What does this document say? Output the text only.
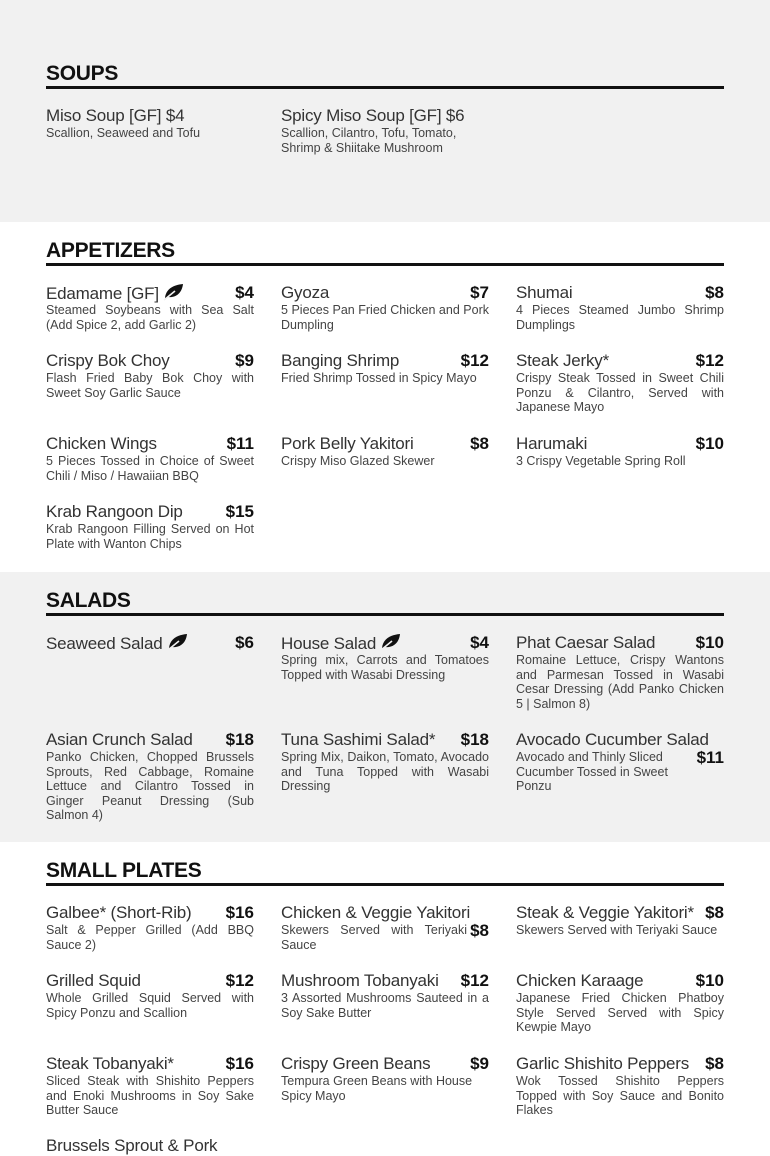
SOUPS
Miso Soup [GF] $4
Scallion, Seaweed and Tofu
Spicy Miso Soup [GF] $6
Scallion, Cilantro, Tofu, Tomato, Shrimp & Shiitake Mushroom
APPETIZERS
Edamame [GF]	$4
Steamed Soybeans with Sea Salt (Add Spice 2, add Garlic 2)
Gyoza	$7
5 Pieces Pan Fried Chicken and Pork Dumpling
Shumai	$8
4 Pieces Steamed Jumbo Shrimp Dumplings
Crispy Bok Choy	$9
Flash Fried Baby Bok Choy with Sweet Soy Garlic Sauce
Banging Shrimp	$12
Fried Shrimp Tossed in Spicy Mayo
Steak Jerky*	$12
Crispy Steak Tossed in Sweet Chili Ponzu & Cilantro, Served with Japanese Mayo
Chicken Wings	$11
5 Pieces Tossed in Choice of Sweet Chili / Miso / Hawaiian BBQ
Pork Belly Yakitori	$8
Crispy Miso Glazed Skewer
Harumaki	$10
3 Crispy Vegetable Spring Roll
Krab Rangoon Dip	$15
Krab Rangoon Filling Served on Hot Plate with Wanton Chips
SALADS
Seaweed Salad	$6 House Salad	$4
Spring mix, Carrots and Tomatoes Topped with Wasabi Dressing
Phat Caesar Salad $10
Romaine Lettuce, Crispy Wantons and Parmesan Tossed in Wasabi Cesar Dressing (Add Panko Chicken 5 | Salmon 8)
Asian Crunch Salad $18
Panko Chicken, Chopped Brussels Sprouts, Red Cabbage, Romaine Lettuce and Cilantro Tossed in Ginger Peanut Dressing (Sub Salmon 4)
Tuna Sashimi Salad* $18
Spring Mix, Daikon, Tomato, Avocado and Tuna Topped with Wasabi Dressing
Avocado Cucumber Salad
$11
Avocado and Thinly Sliced Cucumber Tossed in Sweet Ponzu
SMALL PLATES
Galbee* (Short-Rib) $16
Salt & Pepper Grilled (Add BBQ Sauce 2)
Chicken & Veggie Yakitori
$8
Skewers Served with Teriyaki Sauce
Steak & Veggie Yakitori* $8
Skewers Served with Teriyaki Sauce
Grilled Squid	$12
Whole Grilled Squid Served with Spicy Ponzu and Scallion
Mushroom Tobanyaki $12
3 Assorted Mushrooms Sauteed in a Soy Sake Butter
Chicken Karaage	$10
Japanese Fried Chicken Phatboy Style Served Served with Spicy Kewpie Mayo
Steak Tobanyaki*	$16
Sliced Steak with Shishito Peppers and Enoki Mushrooms in Soy Sake Butter Sauce
Crispy Green Beans $9
Tempura Green Beans with House Spicy Mayo
Garlic Shishito Peppers $8
Wok Tossed Shishito Peppers Topped with Soy Sauce and Bonito Flakes
Brussels Sprout & Pork
